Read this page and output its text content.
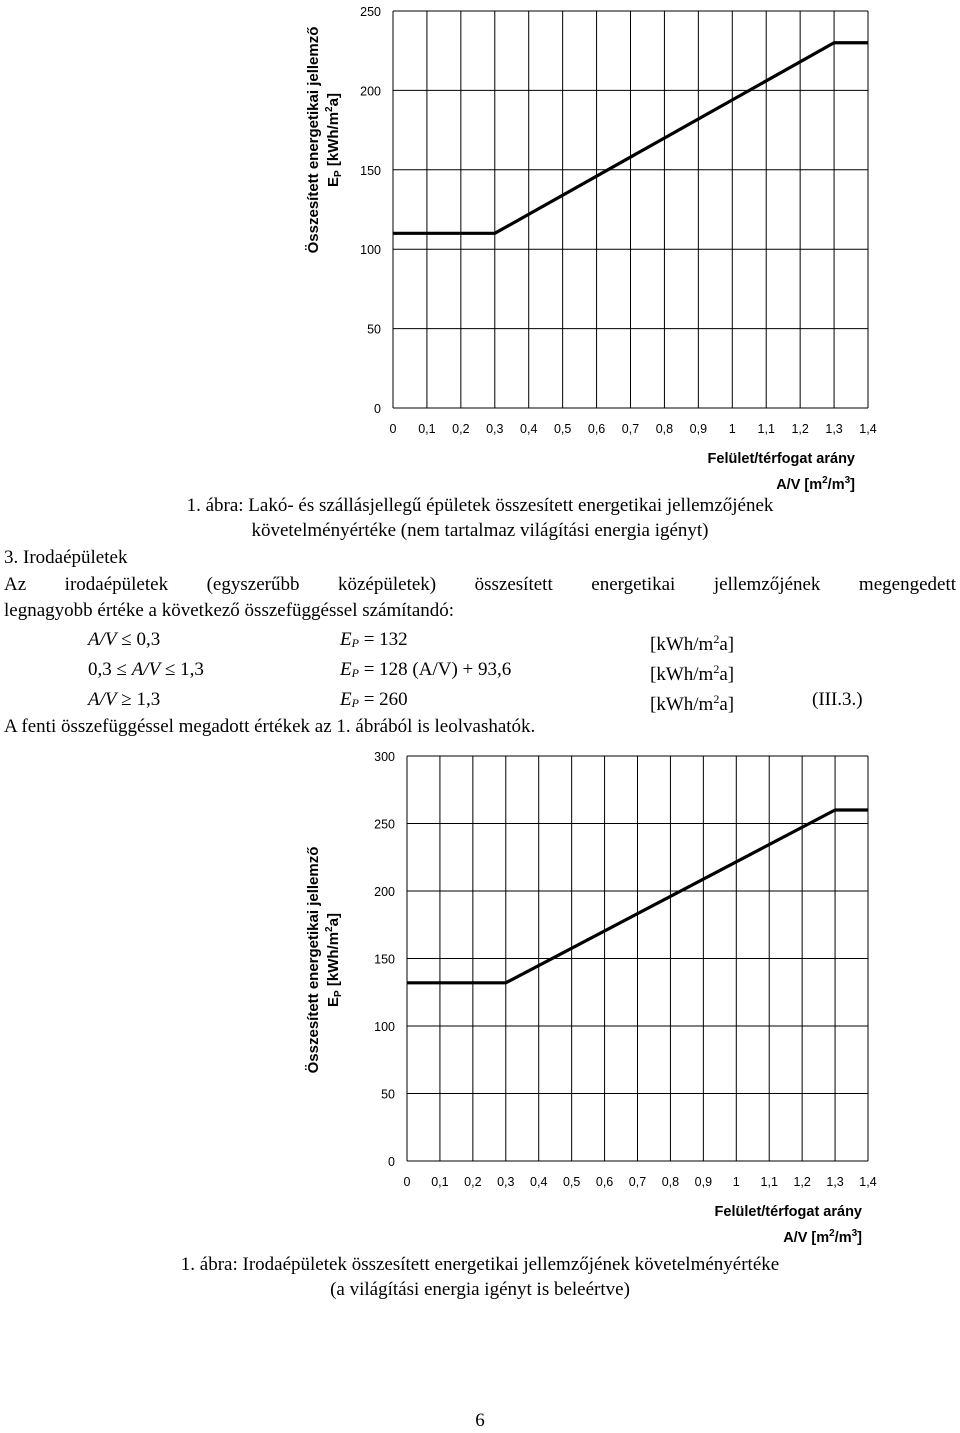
0 0,1 0,2 0,3 0,4 0,5 0,6 0,7 0,8 0,9 1 1,1 1,2 1,3 1,4
0
50
100
150
200
250
Összesített energetikai jellemző $E_P$ $[kWh/m^2a]$
Felület/térfogat arány
A/V $[m^2/m^3]$
1. ábra: Lakó- és szállásjellegű épületek összesített energetikai jellemzőjének
követelményértéke (nem tartalmaz világítási energia igényt)
3. Irodaépületek
Az irodaépületek (egyszerűbb középületek) összesített energetikai jellemzőjének megengedett
legnagyobb értéke a következő összefüggéssel számítandó:
A/V ≤ 0,3	$E_P = 132$	$[kWh/m^2a]$
0,3 ≤ A/V ≤ 1,3	$E_P = 128$ (A/V) + 93,6	$[kWh/m^2a]$
A/V ≥ 1,3	$E_P = 260$	$[kWh/m^2a]$	(III.3.)
A fenti összefüggéssel megadott értékek az 1. ábrából is leolvashatók.
0 0,1 0,2 0,3 0,4 0,5 0,6 0,7 0,8 0,9 1 1,1 1,2 1,3 1,4
0
50
100
150
200
250
300
Összesített energetikai jellemző $E_P$ $[kWh/m^2a]$
Felület/térfogat arány
A/V $[m^2/m^3]$
1. ábra: Irodaépületek összesített energetikai jellemzőjének követelményértéke
(a világítási energia igényt is beleértve)
6
